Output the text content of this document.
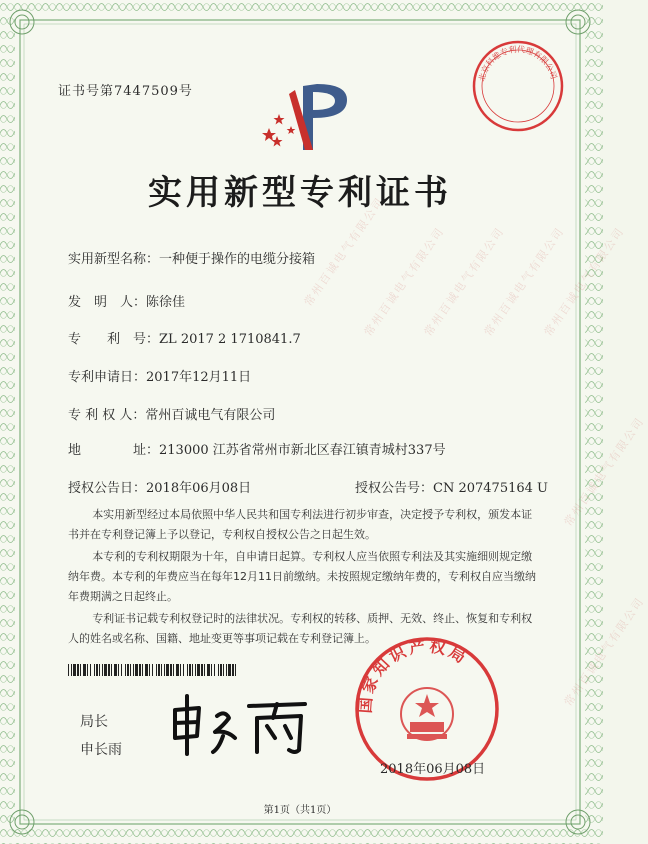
常州百诚电气有限公司
常州百诚电气有限公司
常州百诚电气有限公司
常州百诚电气有限公司
常州百诚电气有限公司
常州百诚电气有限公司
常州百诚电气有限公司
证书号第7447509号
北京科维专利代理有限公司
实用新型专利证书
实用新型名称：一种便于操作的电缆分接箱
发　明　人：陈徐佳
专　　利　号：ZL 2017 2 1710841.7
专利申请日：2017年12月11日
专 利 权 人：常州百诚电气有限公司
地　　　　址：213000 江苏省常州市新北区春江镇青城村337号
授权公告日：2018年06月08日	授权公告号：CN 207475164 U

本实用新型经过本局依照中华人民共和国专利法进行初步审查，决定授予专利权，颁发本证书并在专利登记簿上予以登记，专利权自授权公告之日起生效。

本专利的专利权期限为十年，自申请日起算。专利权人应当依照专利法及其实施细则规定缴纳年费。本专利的年费应当在每年12月11日前缴纳。未按照规定缴纳年费的，专利权自应当缴纳年费期满之日起终止。

专利证书记载专利权登记时的法律状况。专利权的转移、质押、无效、终止、恢复和专利权人的姓名或名称、国籍、地址变更等事项记载在专利登记簿上。

局长
申长雨
国家知识产权局
2018年06月08日
第1页（共1页）
